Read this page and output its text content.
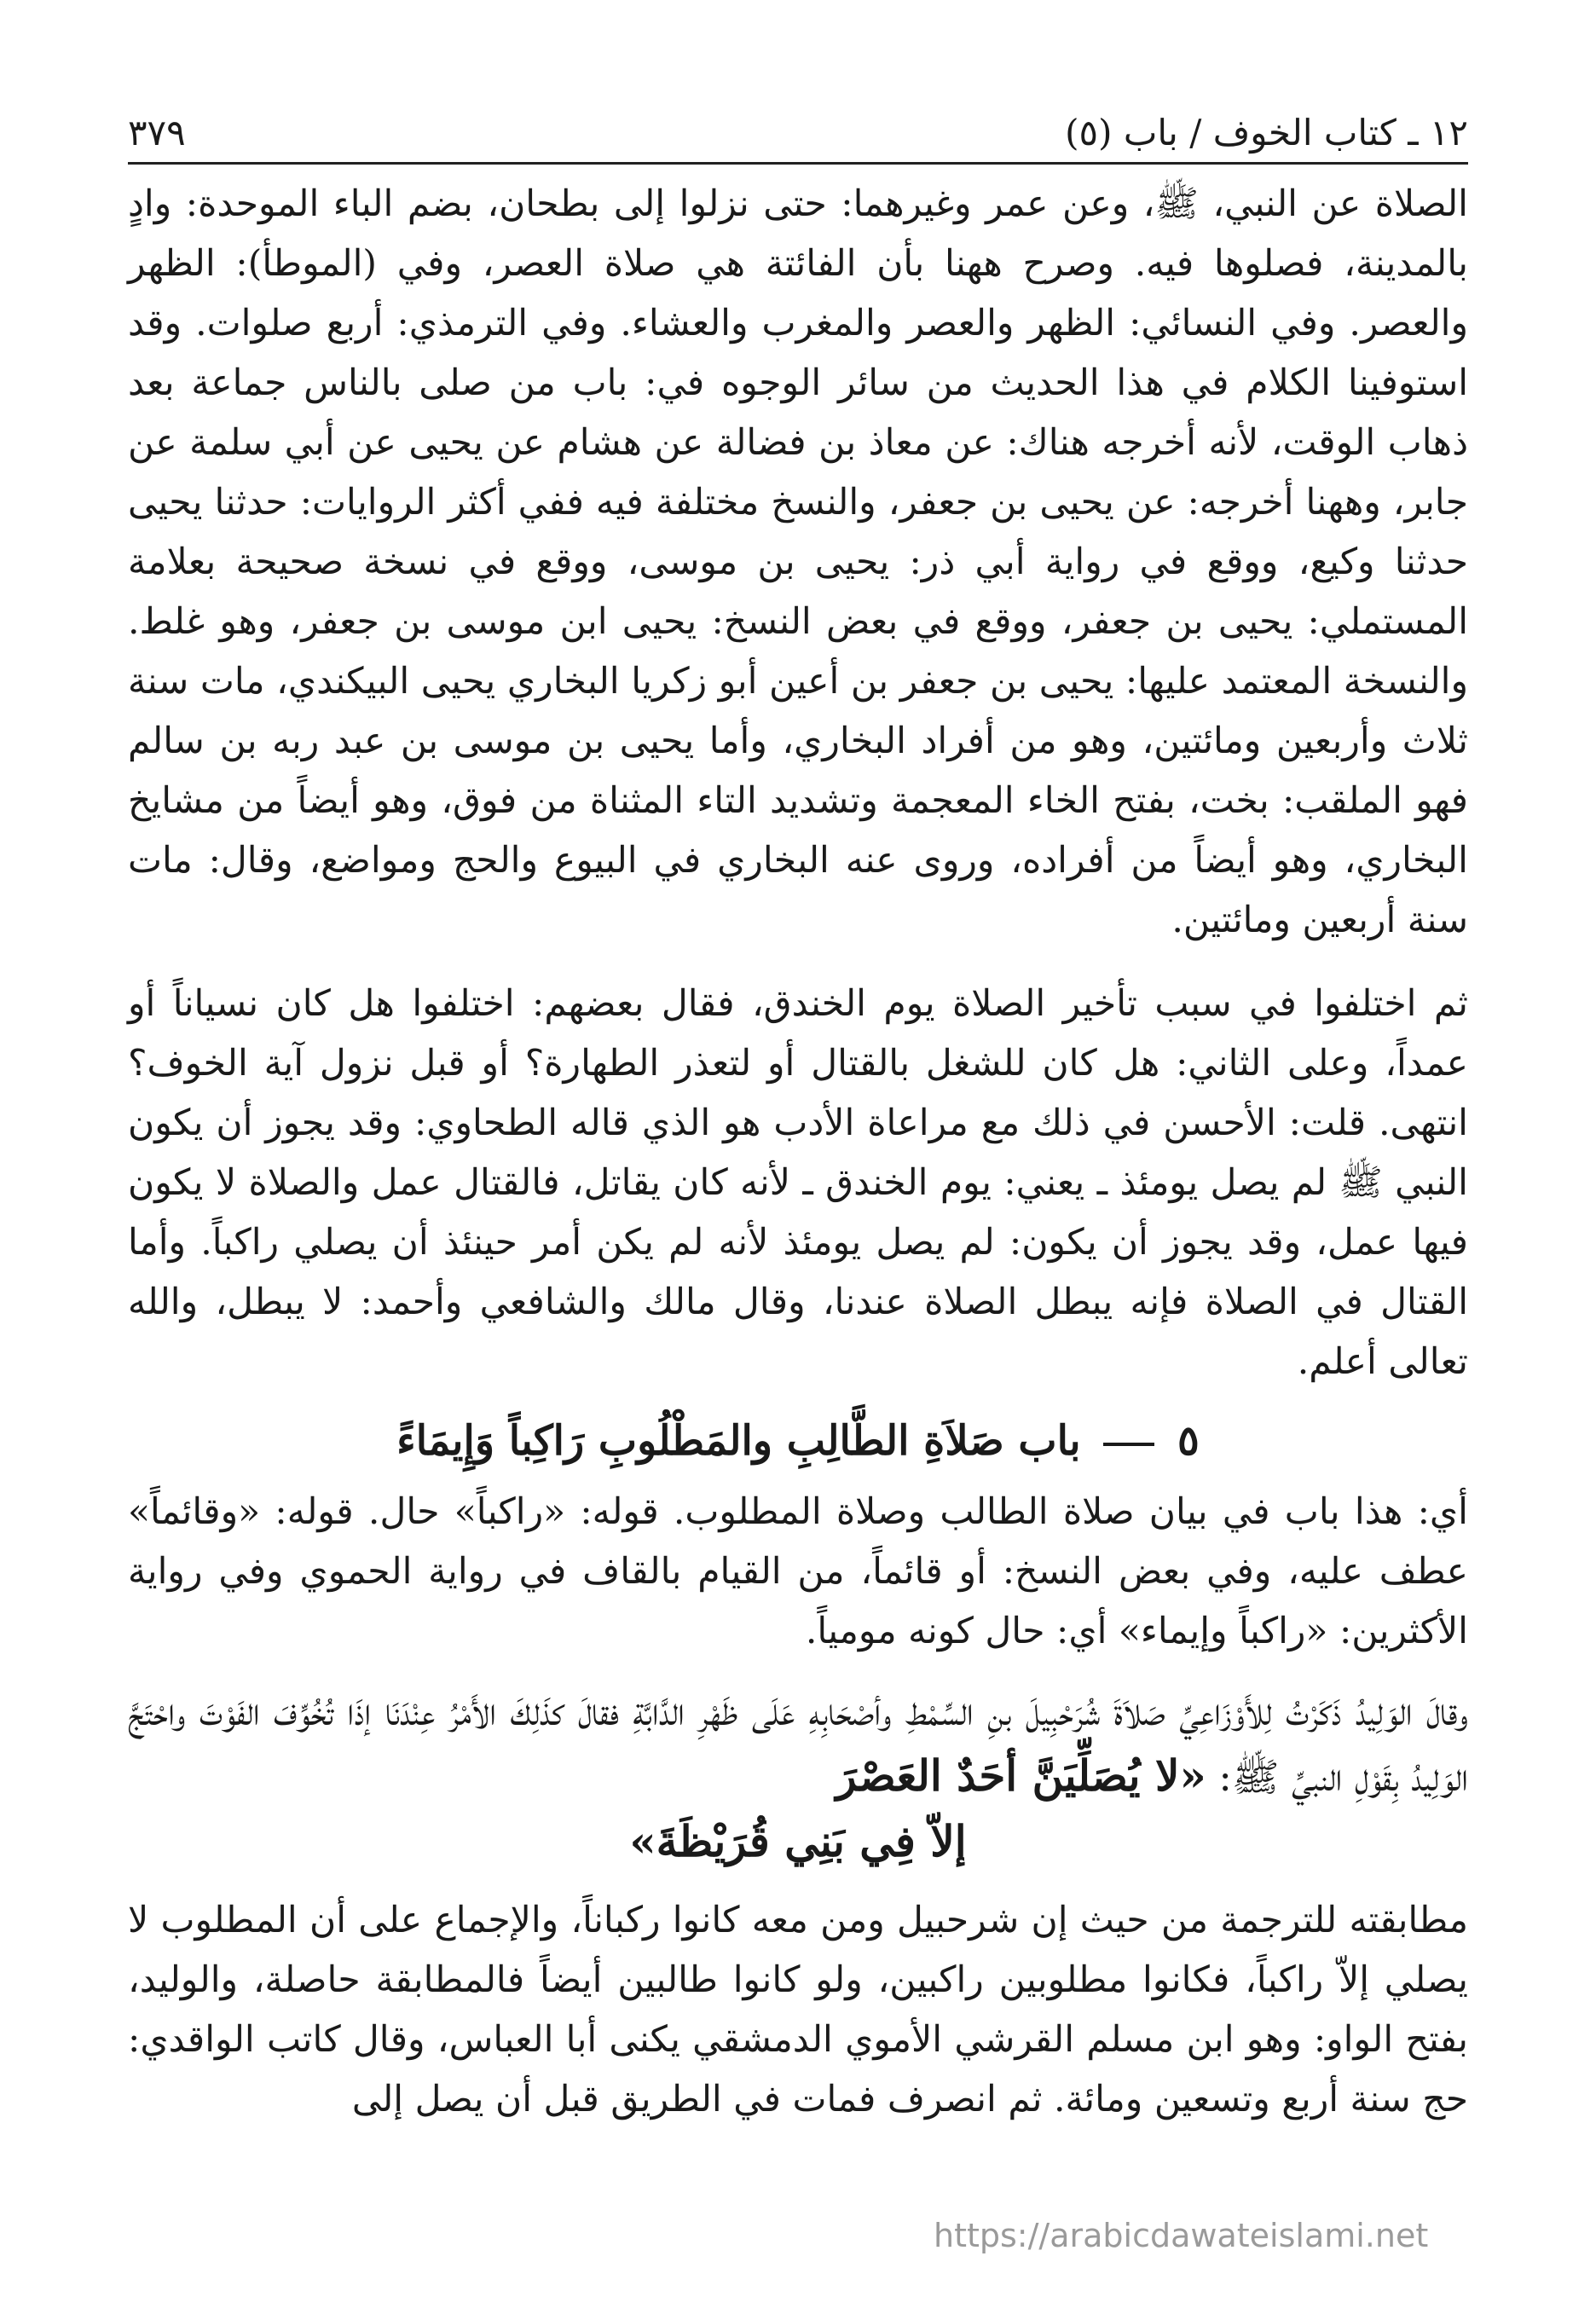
١٢ ـ كتاب الخوف / باب (٥)
٣٧٩

الصلاة عن النبي، ﷺ، وعن عمر وغيرهما: حتى نزلوا إلى بطحان، بضم الباء الموحدة: وادٍ بالمدينة، فصلوها فيه. وصرح ههنا بأن الفائتة هي صلاة العصر، وفي (الموطأ): الظهر والعصر. وفي النسائي: الظهر والعصر والمغرب والعشاء. وفي الترمذي: أربع صلوات. وقد استوفينا الكلام في هذا الحديث من سائر الوجوه في: باب من صلى بالناس جماعة بعد ذهاب الوقت، لأنه أخرجه هناك: عن معاذ بن فضالة عن هشام عن يحيى عن أبي سلمة عن جابر، وههنا أخرجه: عن يحيى بن جعفر، والنسخ مختلفة فيه ففي أكثر الروايات: حدثنا يحيى حدثنا وكيع، ووقع في رواية أبي ذر: يحيى بن موسى، ووقع في نسخة صحيحة بعلامة المستملي: يحيى بن جعفر، ووقع في بعض النسخ: يحيى ابن موسى بن جعفر، وهو غلط. والنسخة المعتمد عليها: يحيى بن جعفر بن أعين أبو زكريا البخاري يحيى البيكندي، مات سنة ثلاث وأربعين ومائتين، وهو من أفراد البخاري، وأما يحيى بن موسى بن عبد ربه بن سالم فهو الملقب: بخت، بفتح الخاء المعجمة وتشديد التاء المثناة من فوق، وهو أيضاً من مشايخ البخاري، وهو أيضاً من أفراده، وروى عنه البخاري في البيوع والحج ومواضع، وقال: مات سنة أربعين ومائتين.

ثم اختلفوا في سبب تأخير الصلاة يوم الخندق، فقال بعضهم: اختلفوا هل كان نسياناً أو عمداً، وعلى الثاني: هل كان للشغل بالقتال أو لتعذر الطهارة؟ أو قبل نزول آية الخوف؟ انتهى. قلت: الأحسن في ذلك مع مراعاة الأدب هو الذي قاله الطحاوي: وقد يجوز أن يكون النبي ﷺ لم يصل يومئذ ـ يعني: يوم الخندق ـ لأنه كان يقاتل، فالقتال عمل والصلاة لا يكون فيها عمل، وقد يجوز أن يكون: لم يصل يومئذ لأنه لم يكن أمر حينئذ أن يصلي راكباً. وأما القتال في الصلاة فإنه يبطل الصلاة عندنا، وقال مالك والشافعي وأحمد: لا يبطل، والله تعالى أعلم.

٥  باب صَلاَةِ الطَّالِبِ والمَطْلُوبِ رَاكِباً وَإِيمَاءً

أي: هذا باب في بيان صلاة الطالب وصلاة المطلوب. قوله: «راكباً» حال. قوله: «وقائماً» عطف عليه، وفي بعض النسخ: أو قائماً، من القيام بالقاف في رواية الحموي وفي رواية الأكثرين: «راكباً وإيماء» أي: حال كونه مومياً.

وقالَ الوَلِيدُ ذَكَرْتُ لِلأَوْزَاعِيِّ صَلاَةَ شُرَحْبِيلَ بنِ السِّمْطِ وأصْحَابِهِ عَلَى ظَهْرِ الدَّابَّةِ فقالَ كذَلِكَ الأَمْرُ عِنْدَنَا إذَا تُخُوِّفَ الفَوْتَ واحْتَجَّ الوَلِيدُ بِقَوْلِ النبيِّ ﷺ: «لا يُصَلِّيَنَّ أحَدٌ العَصْرَ
إلاّ فِي بَنِي قُرَيْظَةَ»

مطابقته للترجمة من حيث إن شرحبيل ومن معه كانوا ركباناً، والإجماع على أن المطلوب لا يصلي إلاّ راكباً، فكانوا مطلوبين راكبين، ولو كانوا طالبين أيضاً فالمطابقة حاصلة، والوليد، بفتح الواو: وهو ابن مسلم القرشي الأموي الدمشقي يكنى أبا العباس، وقال كاتب الواقدي: حج سنة أربع وتسعين ومائة. ثم انصرف فمات في الطريق قبل أن يصل إلى

https://arabicdawateislami.net
